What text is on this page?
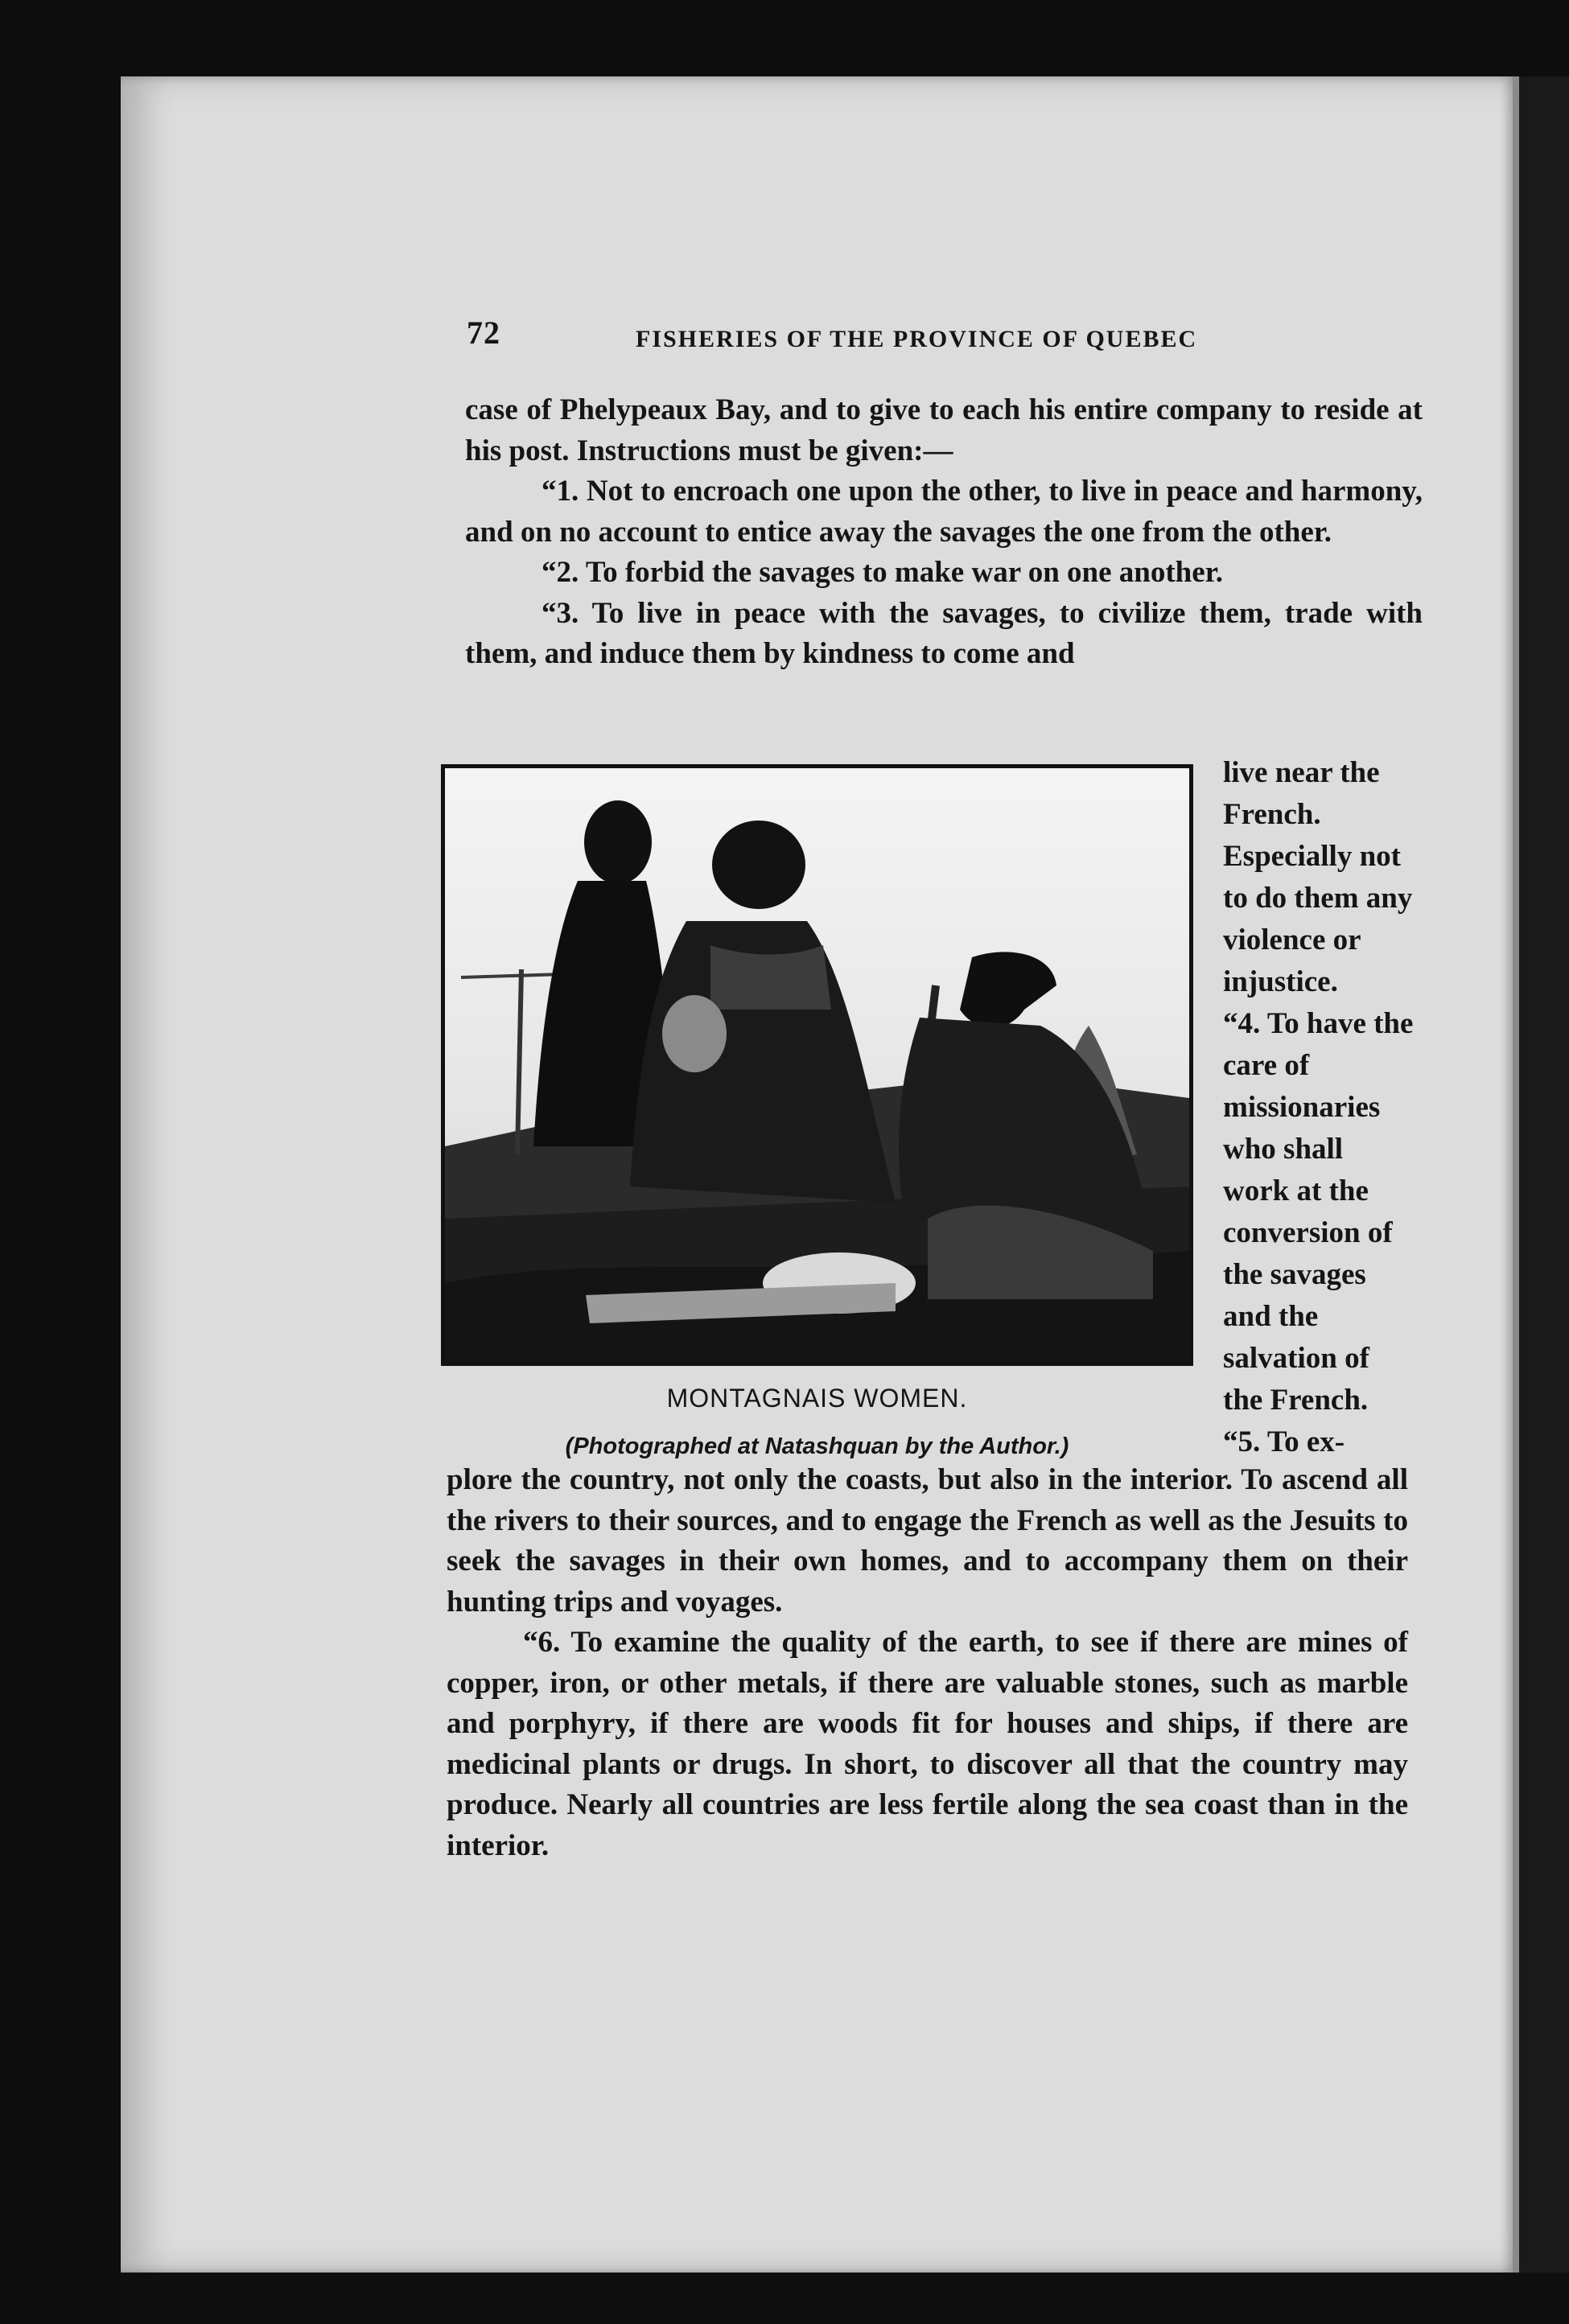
72	FISHERIES OF THE PROVINCE OF QUEBEC

case of Phelypeaux Bay, and to give to each his entire company to reside at his post. Instructions must be given:—

“1. Not to encroach one upon the other, to live in peace and harmony, and on no account to entice away the savages the one from the other.

“2. To forbid the savages to make war on one another.

“3. To live in peace with the savages, to civilize them, trade with them, and induce them by kindness to come and

MONTAGNAIS WOMEN.
(Photographed at Natashquan by the Author.)

live near the French. Especially not to do them any violence or injustice.

“4. To have the care of missionaries who shall work at the conversion of the savages and the salvation of the French.

“5. To ex-

plore the country, not only the coasts, but also in the interior. To ascend all the rivers to their sources, and to engage the French as well as the Jesuits to seek the savages in their own homes, and to accompany them on their hunting trips and voyages.

“6. To examine the quality of the earth, to see if there are mines of copper, iron, or other metals, if there are valuable stones, such as marble and porphyry, if there are woods fit for houses and ships, if there are medicinal plants or drugs. In short, to discover all that the country may produce. Nearly all countries are less fertile along the sea coast than in the interior.
